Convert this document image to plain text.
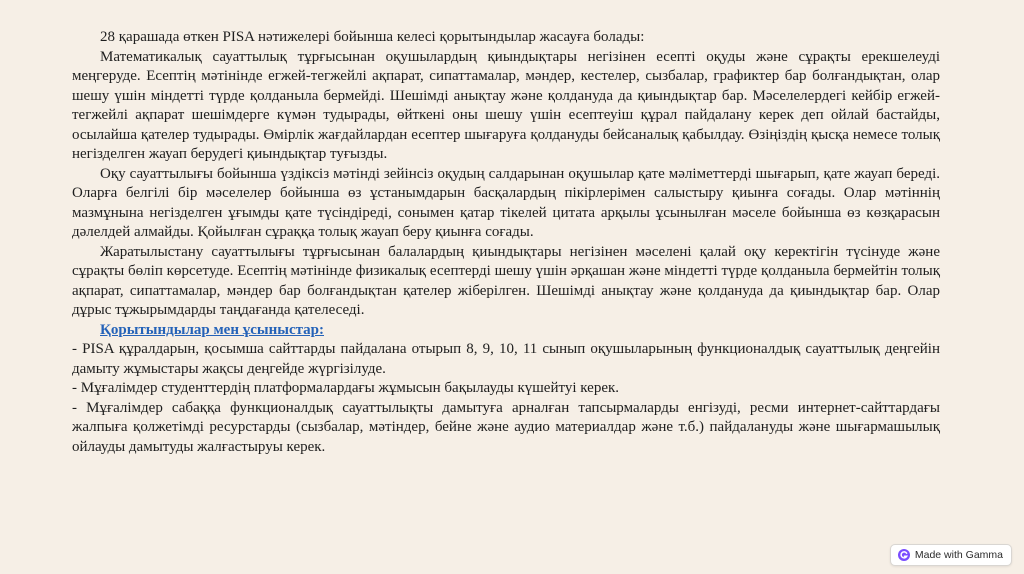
28 қарашада өткен PISA нәтижелері бойынша келесі қорытындылар жасауға болады:

Математикалық сауаттылық тұрғысынан оқушылардың қиындықтары негізінен есепті оқуды және сұрақты ерекшелеуді меңгеруде. Есептің мәтінінде егжей-тегжейлі ақпарат, сипаттамалар, мәндер, кестелер, сызбалар, графиктер бар болғандықтан, олар шешу үшін міндетті түрде қолданыла бермейді. Шешімді анықтау және қолдануда да қиындықтар бар. Мәселелердегі кейбір егжей-тегжейлі ақпарат шешімдерге күмән тудырады, өйткені оны шешу үшін есептеуіш құрал пайдалану керек деп ойлай бастайды, осылайша қателер тудырады. Өмірлік жағдайлардан есептер шығаруға қолдануды бейсаналық қабылдау. Өзіңіздің қысқа немесе толық негізделген жауап берудегі қиындықтар туғызды.

Оқу сауаттылығы бойынша үздіксіз мәтінді зейінсіз оқудың салдарынан оқушылар қате мәліметтерді шығарып, қате жауап береді. Оларға белгілі бір мәселелер бойынша өз ұстанымдарын басқалардың пікірлерімен салыстыру қиынға соғады. Олар мәтіннің мазмұнына негізделген ұғымды қате түсіндіреді, сонымен қатар тікелей цитата арқылы ұсынылған мәселе бойынша өз көзқарасын дәлелдей алмайды. Қойылған сұраққа толық жауап беру қиынға соғады.

Жаратылыстану сауаттылығы тұрғысынан балалардың қиындықтары негізінен мәселені қалай оқу керектігін түсінуде және сұрақты бөліп көрсетуде. Есептің мәтінінде физикалық есептерді шешу үшін әрқашан және міндетті түрде қолданыла бермейтін толық ақпарат, сипаттамалар, мәндер бар болғандықтан қателер жіберілген. Шешімді анықтау және қолдануда да қиындықтар бар. Олар дұрыс тұжырымдарды таңдағанда қателеседі.

Қорытындылар мен ұсыныстар:

- PISA құралдарын, қосымша сайттарды пайдалана отырып 8, 9, 10, 11 сынып оқушыларының функционалдық сауаттылық деңгейін дамыту жұмыстары жақсы деңгейде жүргізілуде.

- Мұғалімдер студенттердің платформалардағы жұмысын бақылауды күшейтуі керек.

- Мұғалімдер сабаққа функционалдық сауаттылықты дамытуға арналған тапсырмаларды енгізуді, ресми интернет-сайттардағы жалпыға қолжетімді ресурстарды (сызбалар, мәтіндер, бейне және аудио материалдар және т.б.) пайдалануды және шығармашылық ойлауды дамытуды жалғастыруы керек.

Made with Gamma
